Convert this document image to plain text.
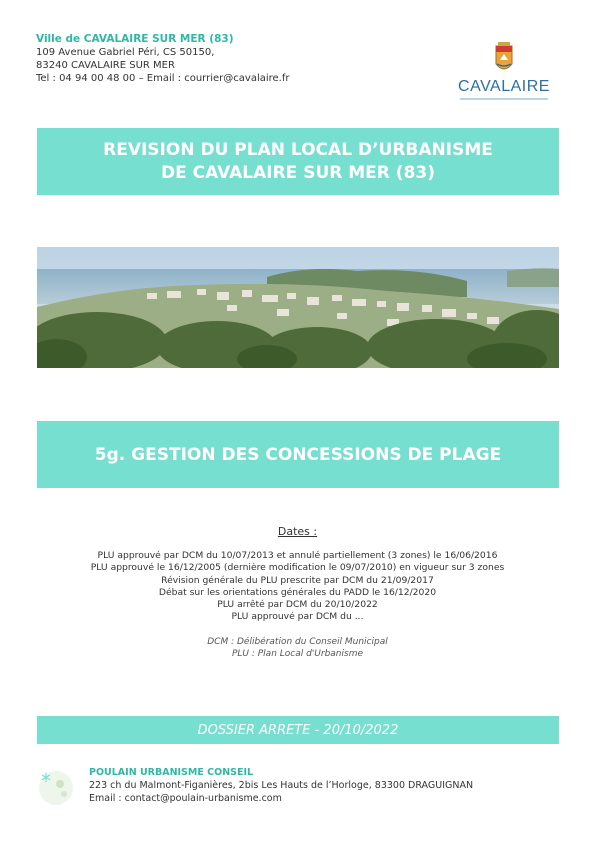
Ville de CAVALAIRE SUR MER (83)
109 Avenue Gabriel Péri, CS 50150,
83240 CAVALAIRE SUR MER
Tel : 04 94 00 48 00 – Email : courrier@cavalaire.fr	CAVALAIRE
REVISION DU PLAN LOCAL D’URBANISME
DE CAVALAIRE SUR MER (83)
5g. GESTION DES CONCESSIONS DE PLAGE
Dates :
PLU approuvé par DCM du 10/07/2013 et annulé partiellement (3 zones) le 16/06/2016
PLU approuvé le 16/12/2005 (dernière modification le 09/07/2010) en vigueur sur 3 zones
Révision générale du PLU prescrite par DCM du 21/09/2017
Débat sur les orientations générales du PADD le 16/12/2020
PLU arrêté par DCM du 20/10/2022
PLU approuvé par DCM du ...
DCM : Délibération du Conseil Municipal
PLU : Plan Local d'Urbanisme
DOSSIER ARRETE - 20/10/2022
*	POULAIN URBANISME CONSEIL
223 ch du Malmont-Figanières, 2bis Les Hauts de l’Horloge, 83300 DRAGUIGNAN
Email : contact@poulain-urbanisme.com
